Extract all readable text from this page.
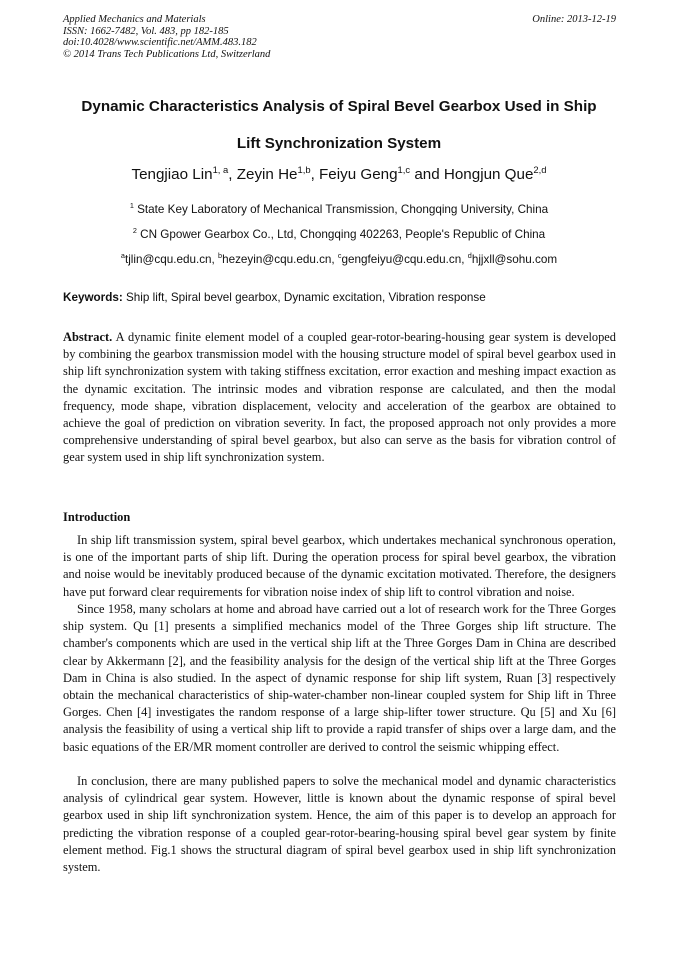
Applied Mechanics and Materials
ISSN: 1662-7482, Vol. 483, pp 182-185
doi:10.4028/www.scientific.net/AMM.483.182
© 2014 Trans Tech Publications Ltd, Switzerland
Online: 2013-12-19
Dynamic Characteristics Analysis of Spiral Bevel Gearbox Used in Ship
Lift Synchronization System
Tengjiao Lin$^{1, a}$, Zeyin He$^{1,b}$, Feiyu Geng$^{1,c}$ and Hongjun Que$^{2,d}$
$^1$ State Key Laboratory of Mechanical Transmission, Chongqing University, China
$^2$ CN Gpower Gearbox Co., Ltd, Chongqing 402263, People's Republic of China
$^a$tjlin@cqu.edu.cn, $^b$hezeyin@cqu.edu.cn, $^c$gengfeiyu@cqu.edu.cn, $^d$hjjxll@sohu.com
Keywords: Ship lift, Spiral bevel gearbox, Dynamic excitation, Vibration response
Abstract. A dynamic finite element model of a coupled gear-rotor-bearing-housing gear system is developed by combining the gearbox transmission model with the housing structure model of spiral bevel gearbox used in ship lift synchronization system with taking stiffness excitation, error exaction and meshing impact exaction as the dynamic excitation. The intrinsic modes and vibration response are calculated, and then the modal frequency, mode shape, vibration displacement, velocity and acceleration of the gearbox are obtained to achieve the goal of prediction on vibration severity. In fact, the proposed approach not only provides a more comprehensive understanding of spiral bevel gearbox, but also can serve as the basis for vibration control of gear system used in ship lift synchronization system.
Introduction

In ship lift transmission system, spiral bevel gearbox, which undertakes mechanical synchronous operation, is one of the important parts of ship lift. During the operation process for spiral bevel gearbox, the vibration and noise would be inevitably produced because of the dynamic excitation motivated. Therefore, the designers have put forward clear requirements for vibration noise index of ship lift to control vibration and noise.

Since 1958, many scholars at home and abroad have carried out a lot of research work for the Three Gorges ship system. Qu [1] presents a simplified mechanics model of the Three Gorges ship lift structure. The chamber's components which are used in the vertical ship lift at the Three Gorges Dam in China are described clear by Akkermann [2], and the feasibility analysis for the design of the vertical ship lift at the Three Gorges Dam in China is also studied. In the aspect of dynamic response for ship lift system, Ruan [3] respectively obtain the mechanical characteristics of ship-water-chamber non-linear coupled system for Ship lift in Three Gorges. Chen [4] investigates the random response of a large ship-lifter tower structure. Qu [5] and Xu [6] analysis the feasibility of using a vertical ship lift to provide a rapid transfer of ships over a large dam, and the basic equations of the ER/MR moment controller are derived to control the seismic whipping effect.

In conclusion, there are many published papers to solve the mechanical model and dynamic characteristics analysis of cylindrical gear system. However, little is known about the dynamic response of spiral bevel gearbox used in ship lift synchronization system. Hence, the aim of this paper is to develop an approach for predicting the vibration response of a coupled gear-rotor-bearing-housing spiral bevel gear system by finite element method. Fig.1 shows the structural diagram of spiral bevel gearbox used in ship lift synchronization system.
